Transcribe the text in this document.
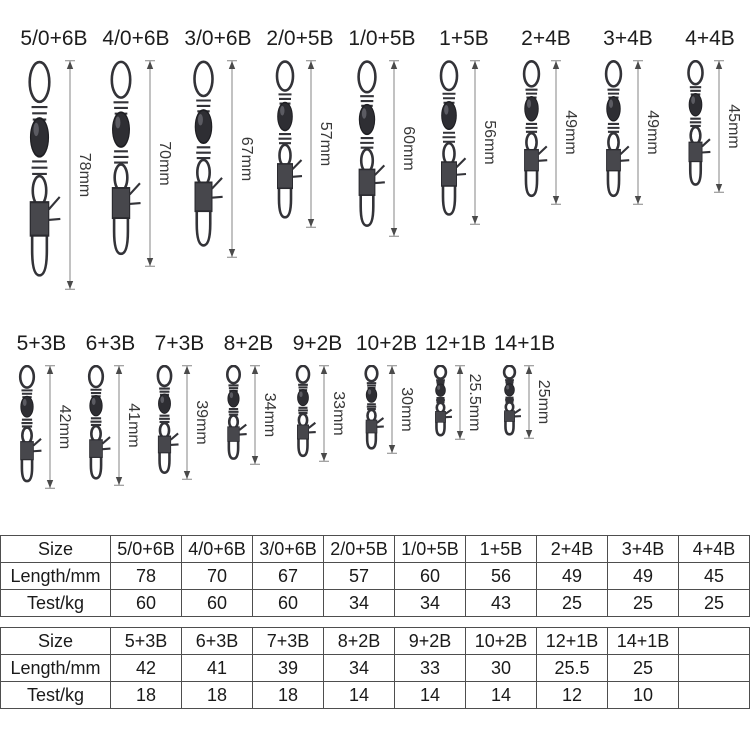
5/0+6B
78mm
4/0+6B
70mm
3/0+6B
67mm
2/0+5B
57mm
1/0+5B
60mm
1+5B
56mm
2+4B
49mm
3+4B
49mm
4+4B
45mm
5+3B
42mm
6+3B
41mm
7+3B
39mm
8+2B
34mm
9+2B
33mm
10+2B
30mm
12+1B
25.5mm
14+1B
25mm
Size	5/0+6B	4/0+6B	3/0+6B	2/0+5B	1/0+5B	1+5B	2+4B	3+4B	4+4B
Length/mm	78	70	67	57	60	56	49	49	45
Test/kg	60	60	60	34	34	43	25	25	25
Size	5+3B	6+3B	7+3B	8+2B	9+2B	10+2B	12+1B	14+1B	
Length/mm	42	41	39	34	33	30	25.5	25	
Test/kg	18	18	18	14	14	14	12	10	
